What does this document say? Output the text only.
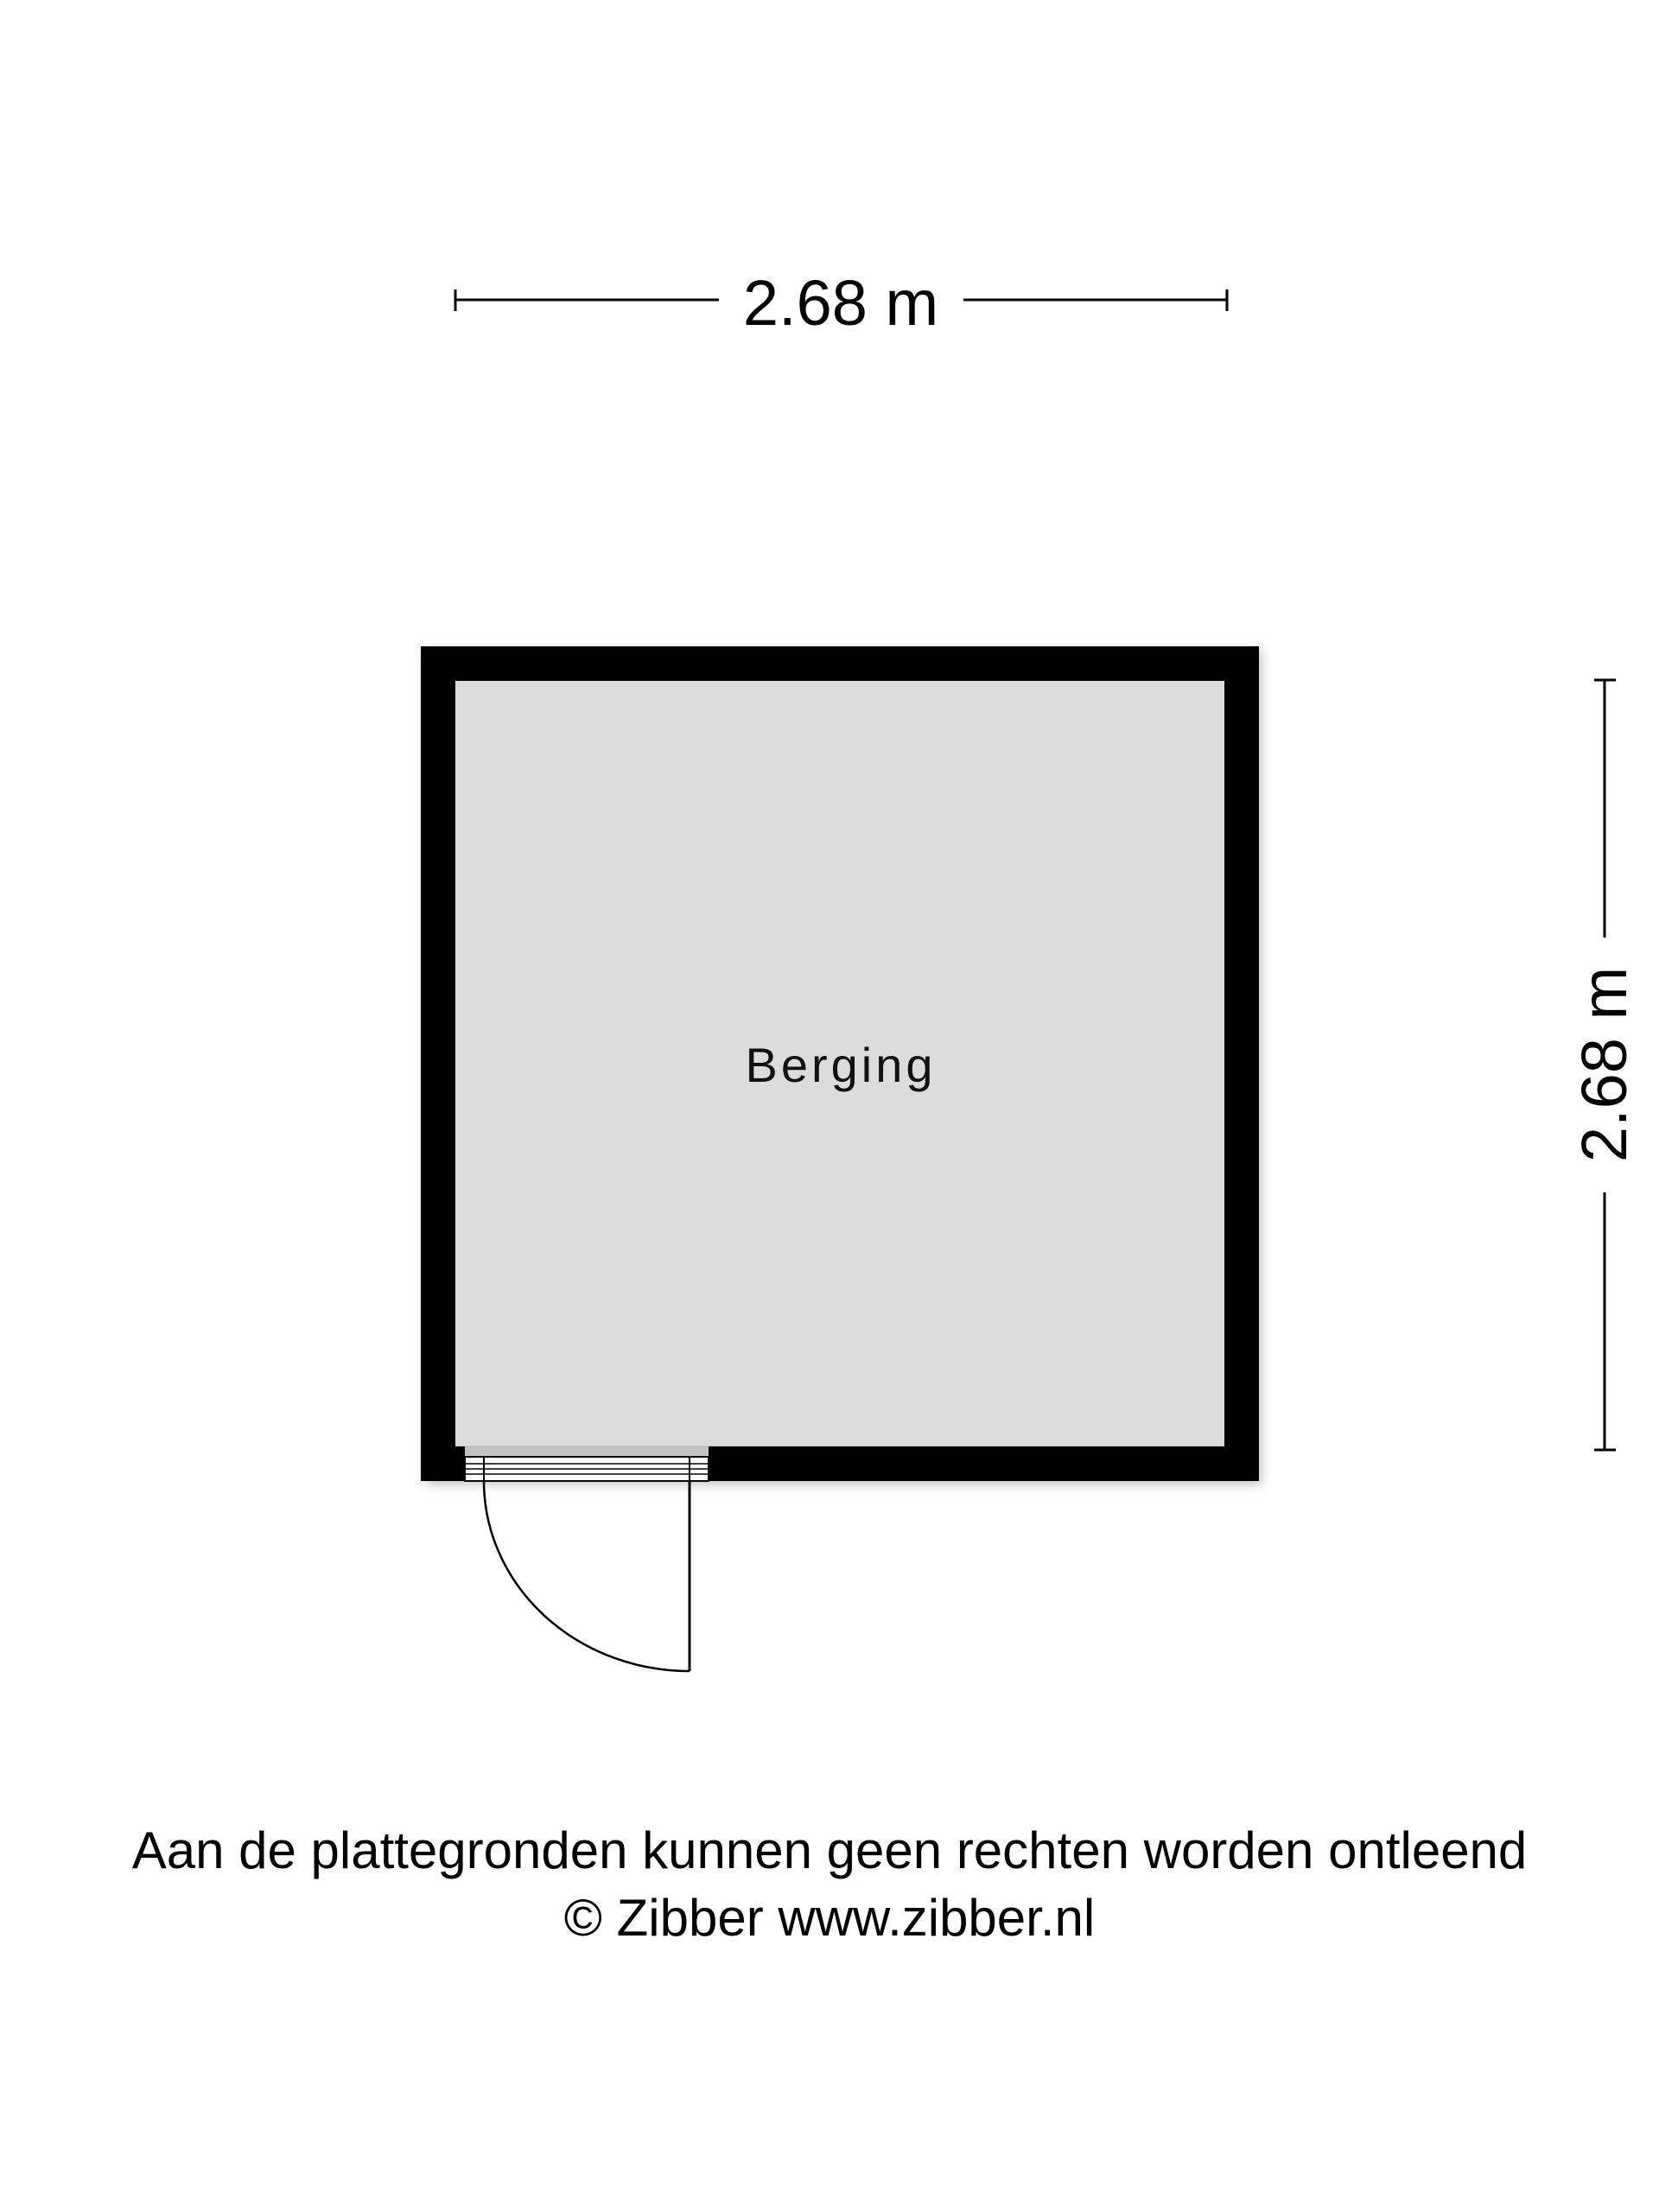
2.68 m
2.68 m
Berging
Aan de plattegronden kunnen geen rechten worden ontleend
© Zibber www.zibber.nl
